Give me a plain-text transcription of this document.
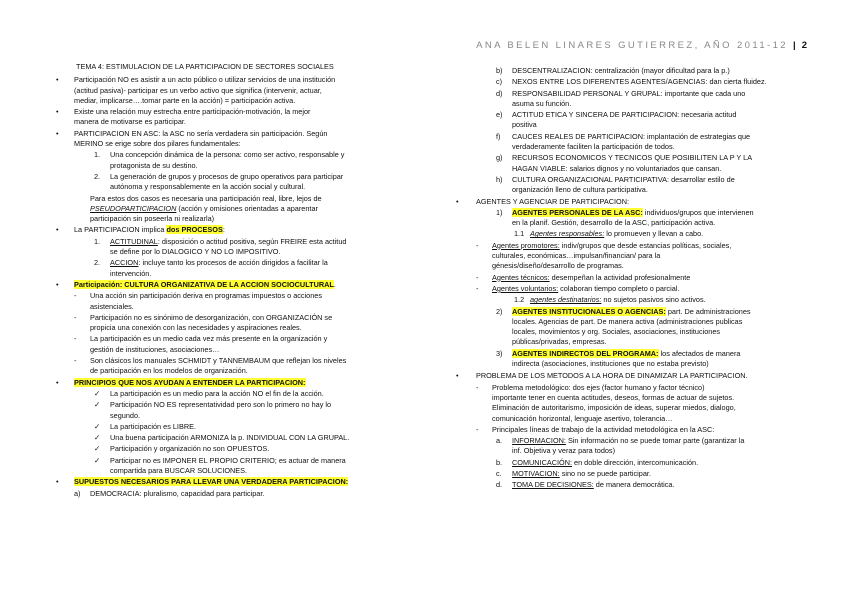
ANA BELEN LINARES GUTIERREZ, AÑO 2011-12 | 2
TEMA 4: ESTIMULACION DE LA PARTICIPACION DE SECTORES SOCIALES
• Participación NO es asistir a un acto público o utilizar servicios de una institución
(actitud pasiva)- participar es un verbo activo que significa (intervenir, actuar,
mediar, implicarse….tomar parte en la acción) = participación activa.
• Existe una relación muy estrecha entre participación-motivación, la mejor
manera de motivarse es participar.
• PARTICIPACION EN ASC: la ASC no sería verdadera sin participación. Según
MERINO se erige sobre dos pilares fundamentales:
1. Una concepción dinámica de la persona: como ser activo, responsable y
protagonista de su destino.
2. La generación de grupos y procesos de grupo operativos para participar
autónoma y responsablemente en la acción social y cultural.
Para estos dos casos es necesaria una participación real, libre, lejos de
PSEUDOPARTICIPACION (acción y omisiones orientadas a aparentar
participación sin poseerla ni realizarla)
• La PARTICIPACION implica dos PROCESOS:
1. ACTITUDINAL: disposición o actitud positiva, según FREIRE esta actitud
se define por lo DIALOGICO Y NO LO IMPOSITIVO.
2. ACCION: incluye tanto los procesos de acción dirigidos a facilitar la
intervención.
• Participación: CULTURA ORGANIZATIVA DE LA ACCION SOCIOCULTURAL.
- Una acción sin participación deriva en programas impuestos o acciones
asistenciales.
- Participación no es sinónimo de desorganización, con ORGANIZACIÓN se
propicia una conexión con las necesidades y aspiraciones reales.
- La participación es un medio cada vez más presente en la organización y
gestión de instituciones, asociaciones…
- Son clásicos los manuales SCHMIDT y TANNEMBAUM que reflejan los niveles
de participación en los modelos de organización.
• PRINCIPIOS QUE NOS AYUDAN A ENTENDER LA PARTICIPACION:
✓ La participación es un medio para la acción NO el fin de la acción.
✓ Participación NO ES representatividad pero son lo primero no hay lo
segundo.
✓ La participación es LIBRE.
✓ Una buena participación ARMONIZA la p. INDIVIDUAL CON LA GRUPAL.
✓ Participación y organización no son OPUESTOS.
✓ Participar no es IMPONER EL PROPIO CRITERIO; es actuar de manera
compartida para BUSCAR SOLUCIONES.
• SUPUESTOS NECESARIOS PARA LLEVAR UNA VERDADERA PARTICIPACION:
a) DEMOCRACIA: pluralismo, capacidad para participar.
b) DESCENTRALIZACION: centralización (mayor dificultad para la p.)
c) NEXOS ENTRE LOS DIFERENTES AGENTES/AGENCIAS: dan cierta fluidez.
d) RESPONSABILIDAD PERSONAL Y GRUPAL: importante que cada uno
asuma su función.
e) ACTITUD ETICA Y SINCERA DE PARTICIPACION: necesaria actitud
positiva
f) CAUCES REALES DE PARTICIPACION: implantación de estrategias que
verdaderamente faciliten la participación de todos.
g) RECURSOS ECONOMICOS Y TECNICOS QUE POSIBILITEN LA P Y LA
HAGAN VIABLE: salarios dignos y no voluntariados que cansan.
h) CULTURA ORGANIZACIONAL PARTICIPATIVA: desarrollar estilo de
organización lleno de cultura participativa.
• AGENTES Y AGENCIAR DE PARTICIPACION:
1) AGENTES PERSONALES DE LA ASC: individuos/grupos que intervienen
en la planif. Gestión, desarrollo de la ASC, participación activa.
1.1 Agentes responsables: lo promueven y llevan a cabo.
- Agentes promotores: indiv/grupos que desde estancias políticas, sociales,
culturales, económicas…impulsan/financian/ para la
génesis/diseño/desarrollo de programas.
- Agentes técnicos: desempeñan la actividad profesionalmente
- Agentes voluntarios: colaboran tiempo completo o parcial.
1.2 agentes destinatarios: no sujetos pasivos sino activos.
2) AGENTES INSTITUCIONALES O AGENCIAS: part. De administraciones
locales. Agencias de part. De manera activa (administraciones publicas
locales, movimientos y org. Sociales, asociaciones, instituciones
públicas/privadas, empresas.
3) AGENTES INDIRECTOS DEL PROGRAMA: los afectados de manera
indirecta (asociaciones, instituciones que no estaba previsto)
• PROBLEMA DE LOS METODOS A LA HORA DE DINAMIZAR LA PARTICIPACION.
- Problema metodológico: dos ejes (factor humano y factor técnico)
importante tener en cuenta actitudes, deseos, formas de actuar de sujetos.
Eliminación de autoritarismo, imposición de ideas, superar miedos, dialogo,
comunicación horizontal, lenguaje asertivo, tolerancia…
- Principales líneas de trabajo de la actividad metodológica en la ASC:
a. INFORMACION: Sin información no se puede tomar parte (garantizar la
inf. Objetiva y veraz para todos)
b. COMUNICACIÓN: en doble dirección, intercomunicación.
c. MOTIVACION: sino no se puede participar.
d. TOMA DE DECISIONES: de manera democrática.
